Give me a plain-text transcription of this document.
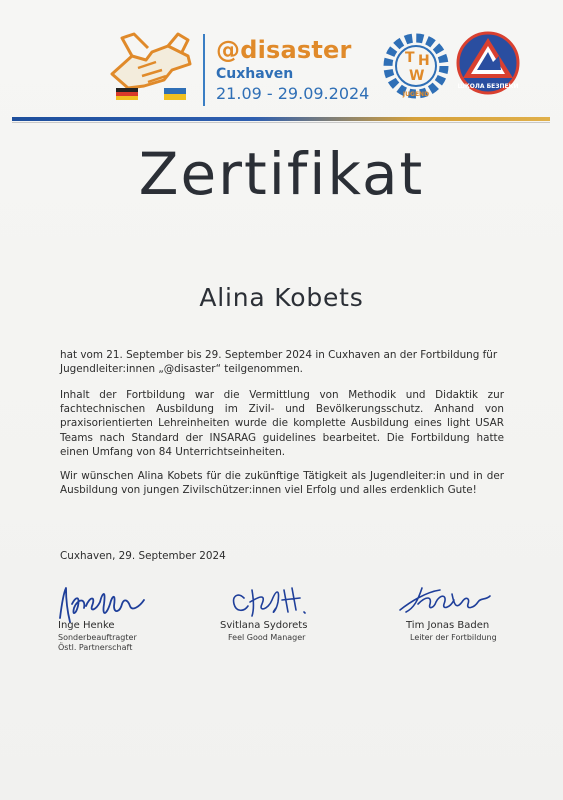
@disaster
Cuxhaven
21.09 - 29.09.2024
T H
W
JUGEND
ШКОЛА БЕЗПЕКИ
Zertifikat
Alina Kobets

hat vom 21. September bis 29. September 2024 in Cuxhaven an der Fortbildung für Jugendleiter:innen „@disaster“ teilgenommen.

Inhalt der Fortbildung war die Vermittlung von Methodik und Didaktik zur fachtechnischen Ausbildung im Zivil- und Bevölkerungsschutz. Anhand von praxisorientierten Lehreinheiten wurde die komplette Ausbildung eines light USAR Teams nach Standard der INSARAG guidelines bearbeitet. Die Fortbildung hatte einen Umfang von 84 Unterrichtseinheiten.

Wir wünschen Alina Kobets für die zukünftige Tätigkeit als Jugendleiter:in und in der Ausbildung von jungen Zivilschützer:innen viel Erfolg und alles erdenklich Gute!

Cuxhaven, 29. September 2024
Inge Henke
Sonderbeauftragter
Östl. Partnerschaft
Svitlana Sydorets
Feel Good Manager
Tim Jonas Baden
Leiter der Fortbildung
